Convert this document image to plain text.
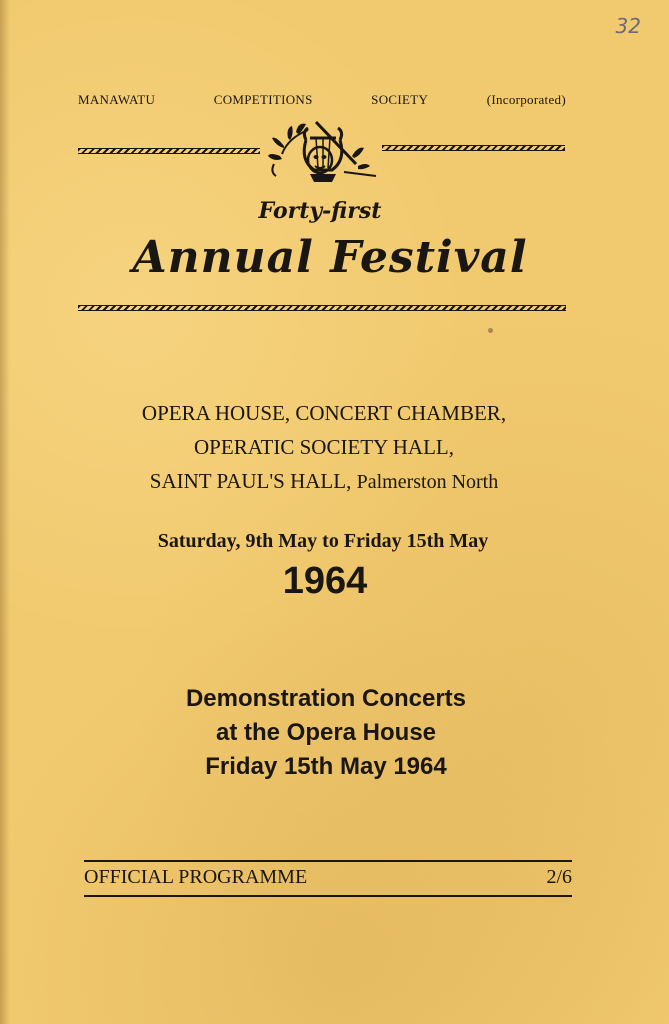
32
MANAWATU	COMPETITIONS	SOCIETY	(Incorporated)
Forty-first
Annual Festival
OPERA HOUSE, CONCERT CHAMBER,
OPERATIC SOCIETY HALL,
SAINT PAUL'S HALL, Palmerston North
Saturday, 9th May to Friday 15th May
1964
Demonstration Concerts
at the Opera House
Friday 15th May 1964
OFFICIAL PROGRAMME	2/6
